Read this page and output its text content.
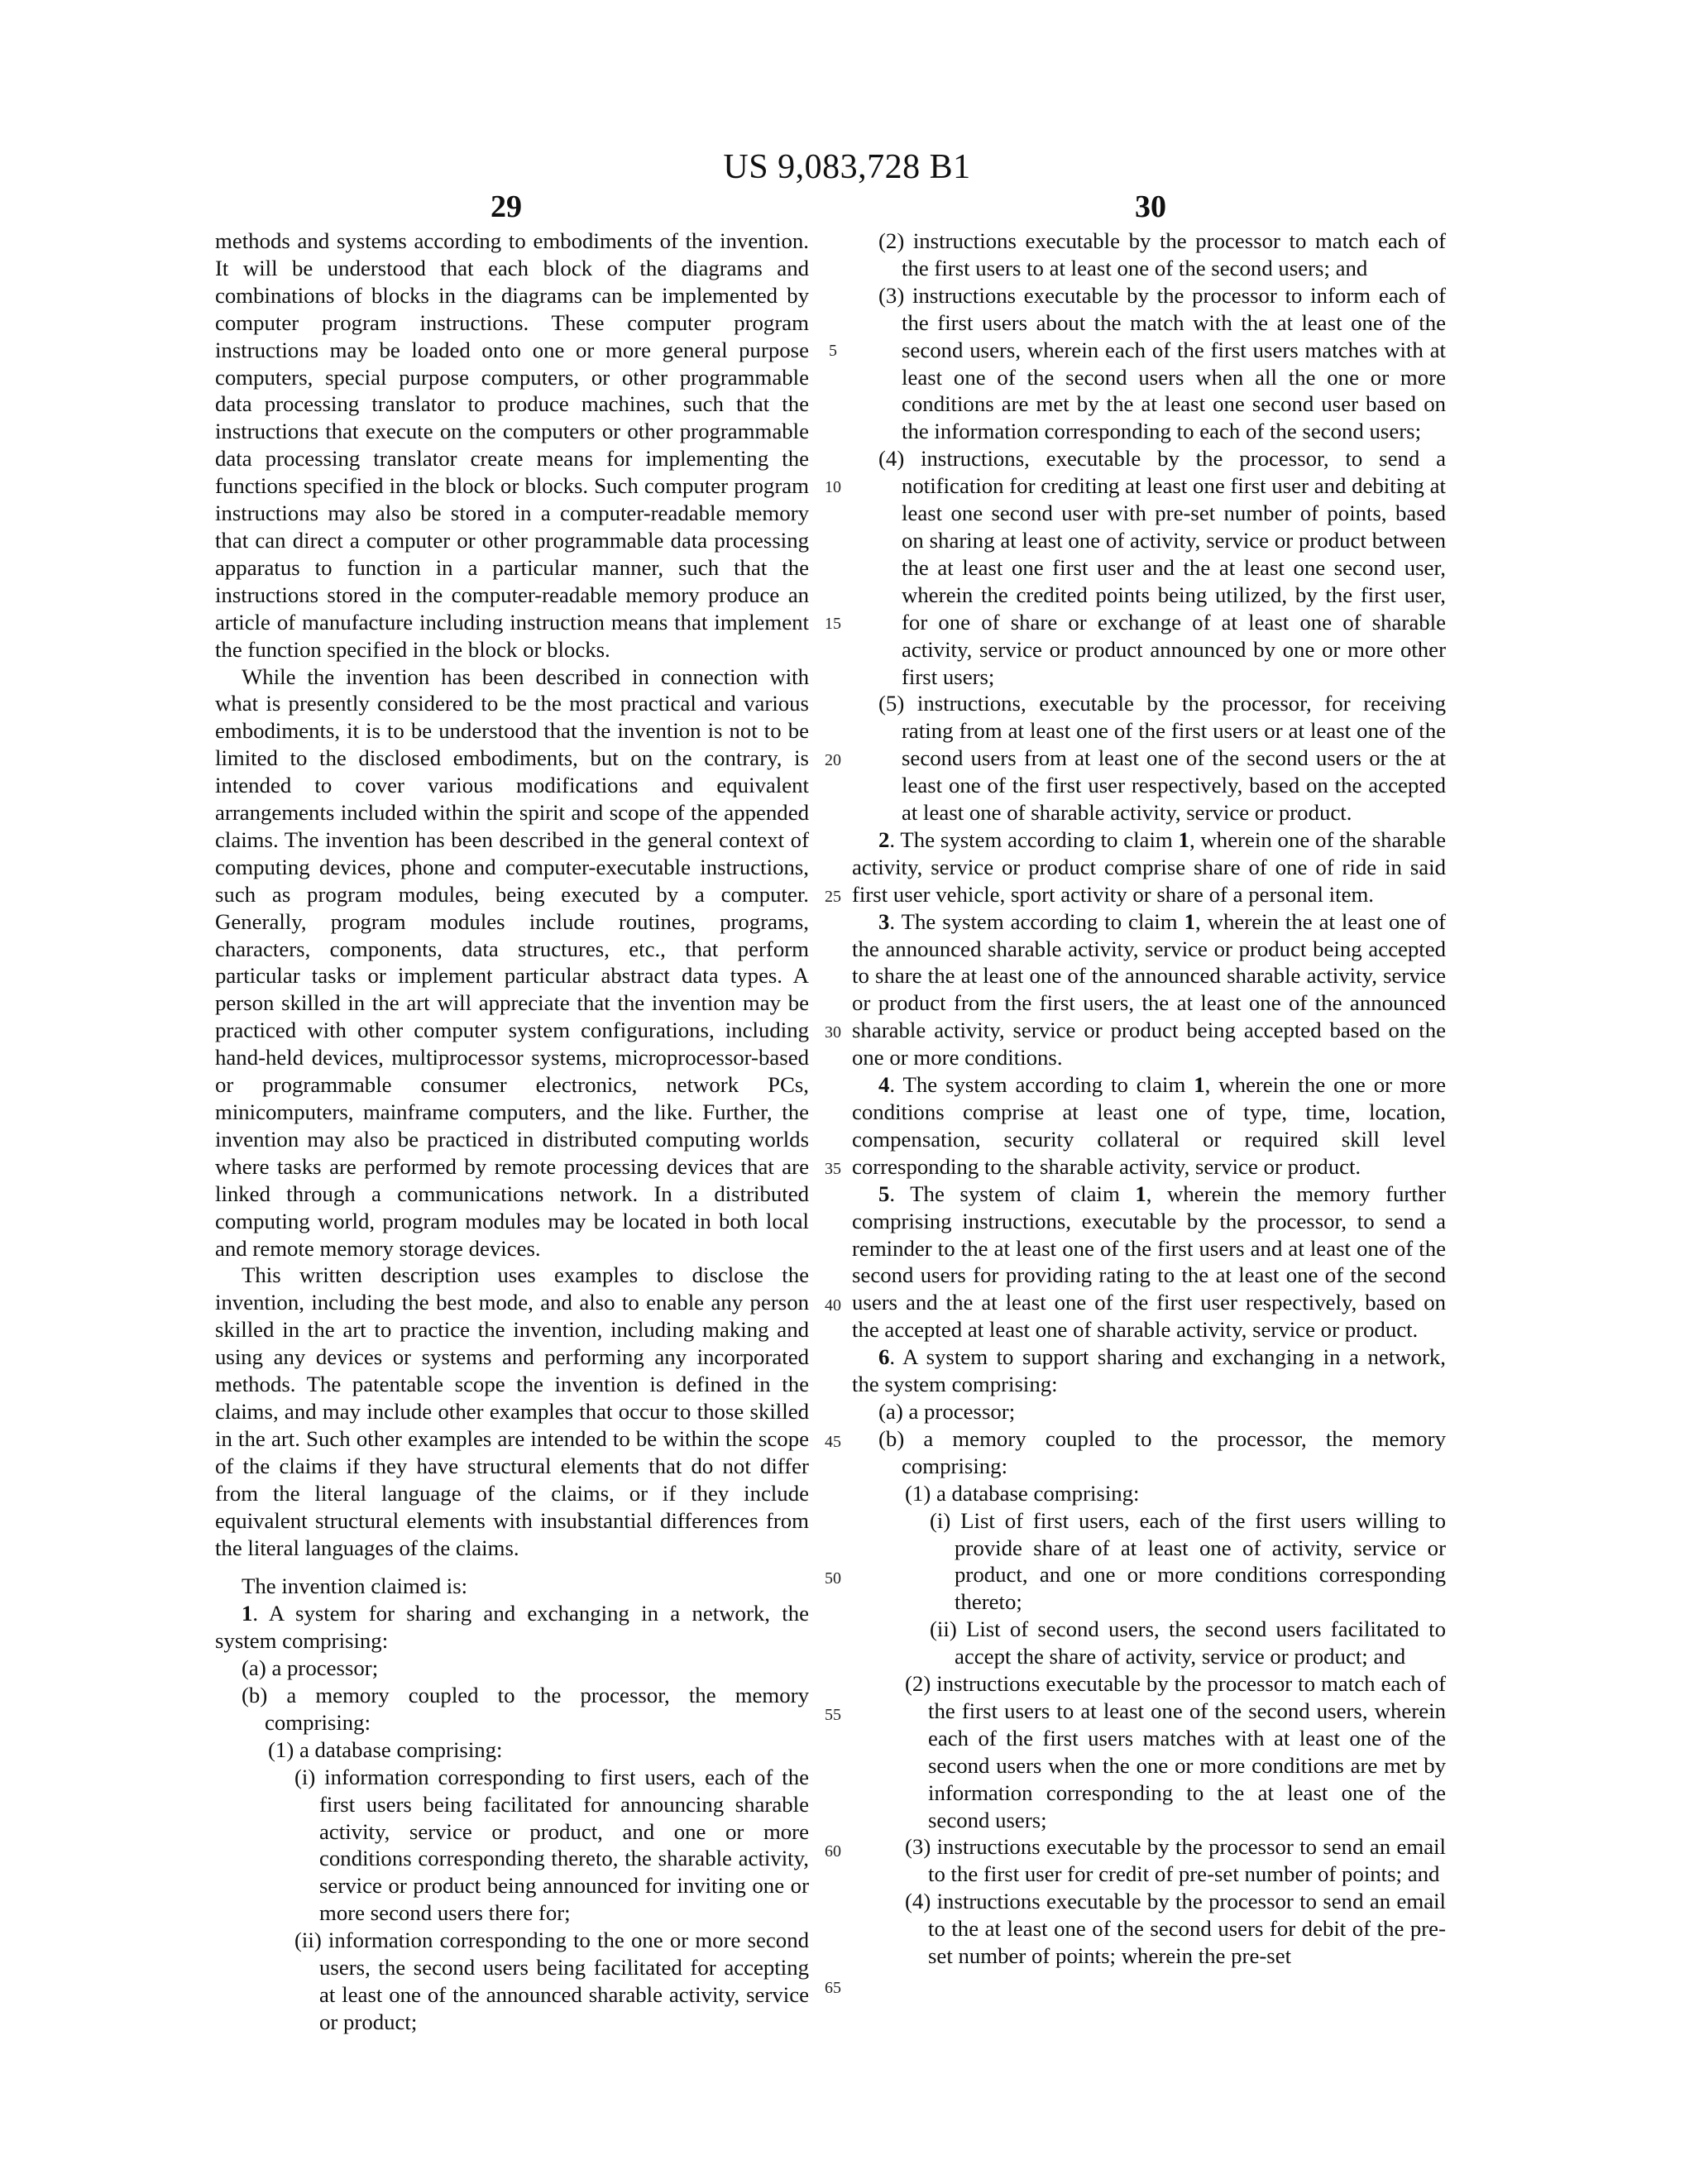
US 9,083,728 B1
29	30

methods and systems according to embodiments of the invention. It will be understood that each block of the diagrams and combinations of blocks in the diagrams can be implemented by computer program instructions. These computer program instructions may be loaded onto one or more general purpose computers, special purpose computers, or other programmable data processing translator to produce machines, such that the instructions that execute on the computers or other programmable data processing translator create means for implementing the functions specified in the block or blocks. Such computer program instructions may also be stored in a computer-readable memory that can direct a computer or other programmable data processing apparatus to function in a particular manner, such that the instructions stored in the computer-readable memory produce an article of manufacture including instruction means that implement the function specified in the block or blocks.

While the invention has been described in connection with what is presently considered to be the most practical and various embodiments, it is to be understood that the invention is not to be limited to the disclosed embodiments, but on the contrary, is intended to cover various modifications and equivalent arrangements included within the spirit and scope of the appended claims. The invention has been described in the general context of computing devices, phone and computer-executable instructions, such as program modules, being executed by a computer. Generally, program modules include routines, programs, characters, components, data structures, etc., that perform particular tasks or implement particular abstract data types. A person skilled in the art will appreciate that the invention may be practiced with other computer system configurations, including hand-held devices, multiprocessor systems, microprocessor-based or programmable consumer electronics, network PCs, minicomputers, mainframe computers, and the like. Further, the invention may also be practiced in distributed computing worlds where tasks are performed by remote processing devices that are linked through a communications network. In a distributed computing world, program modules may be located in both local and remote memory storage devices.

This written description uses examples to disclose the invention, including the best mode, and also to enable any person skilled in the art to practice the invention, including making and using any devices or systems and performing any incorporated methods. The patentable scope the invention is defined in the claims, and may include other examples that occur to those skilled in the art. Such other examples are intended to be within the scope of the claims if they have structural elements that do not differ from the literal language of the claims, or if they include equivalent structural elements with insubstantial differences from the literal languages of the claims.

The invention claimed is:

1. A system for sharing and exchanging in a network, the system comprising:

(a) a processor;

(b) a memory coupled to the processor, the memory comprising:

(1) a database comprising:

(i) information corresponding to first users, each of the first users being facilitated for announcing sharable activity, service or product, and one or more conditions corresponding thereto, the sharable activity, service or product being announced for inviting one or more second users there for;

(ii) information corresponding to the one or more second users, the second users being facilitated for accepting at least one of the announced sharable activity, service or product;

5
10
15
20
25
30
35
40
45
50
55
60
65

(2) instructions executable by the processor to match each of the first users to at least one of the second users; and

(3) instructions executable by the processor to inform each of the first users about the match with the at least one of the second users, wherein each of the first users matches with at least one of the second users when all the one or more conditions are met by the at least one second user based on the information corresponding to each of the second users;

(4) instructions, executable by the processor, to send a notification for crediting at least one first user and debiting at least one second user with pre-set number of points, based on sharing at least one of activity, service or product between the at least one first user and the at least one second user, wherein the credited points being utilized, by the first user, for one of share or exchange of at least one of sharable activity, service or product announced by one or more other first users;

(5) instructions, executable by the processor, for receiving rating from at least one of the first users or at least one of the second users from at least one of the second users or the at least one of the first user respectively, based on the accepted at least one of sharable activity, service or product.

2. The system according to claim 1, wherein one of the sharable activity, service or product comprise share of one of ride in said first user vehicle, sport activity or share of a personal item.

3. The system according to claim 1, wherein the at least one of the announced sharable activity, service or product being accepted to share the at least one of the announced sharable activity, service or product from the first users, the at least one of the announced sharable activity, service or product being accepted based on the one or more conditions.

4. The system according to claim 1, wherein the one or more conditions comprise at least one of type, time, location, compensation, security collateral or required skill level corresponding to the sharable activity, service or product.

5. The system of claim 1, wherein the memory further comprising instructions, executable by the processor, to send a reminder to the at least one of the first users and at least one of the second users for providing rating to the at least one of the second users and the at least one of the first user respectively, based on the accepted at least one of sharable activity, service or product.

6. A system to support sharing and exchanging in a network, the system comprising:

(a) a processor;

(b) a memory coupled to the processor, the memory comprising:

(1) a database comprising:

(i) List of first users, each of the first users willing to provide share of at least one of activity, service or product, and one or more conditions corresponding thereto;

(ii) List of second users, the second users facilitated to accept the share of activity, service or product; and

(2) instructions executable by the processor to match each of the first users to at least one of the second users, wherein each of the first users matches with at least one of the second users when the one or more conditions are met by information corresponding to the at least one of the second users;

(3) instructions executable by the processor to send an email to the first user for credit of pre-set number of points; and

(4) instructions executable by the processor to send an email to the at least one of the second users for debit of the pre-set number of points; wherein the pre-set
